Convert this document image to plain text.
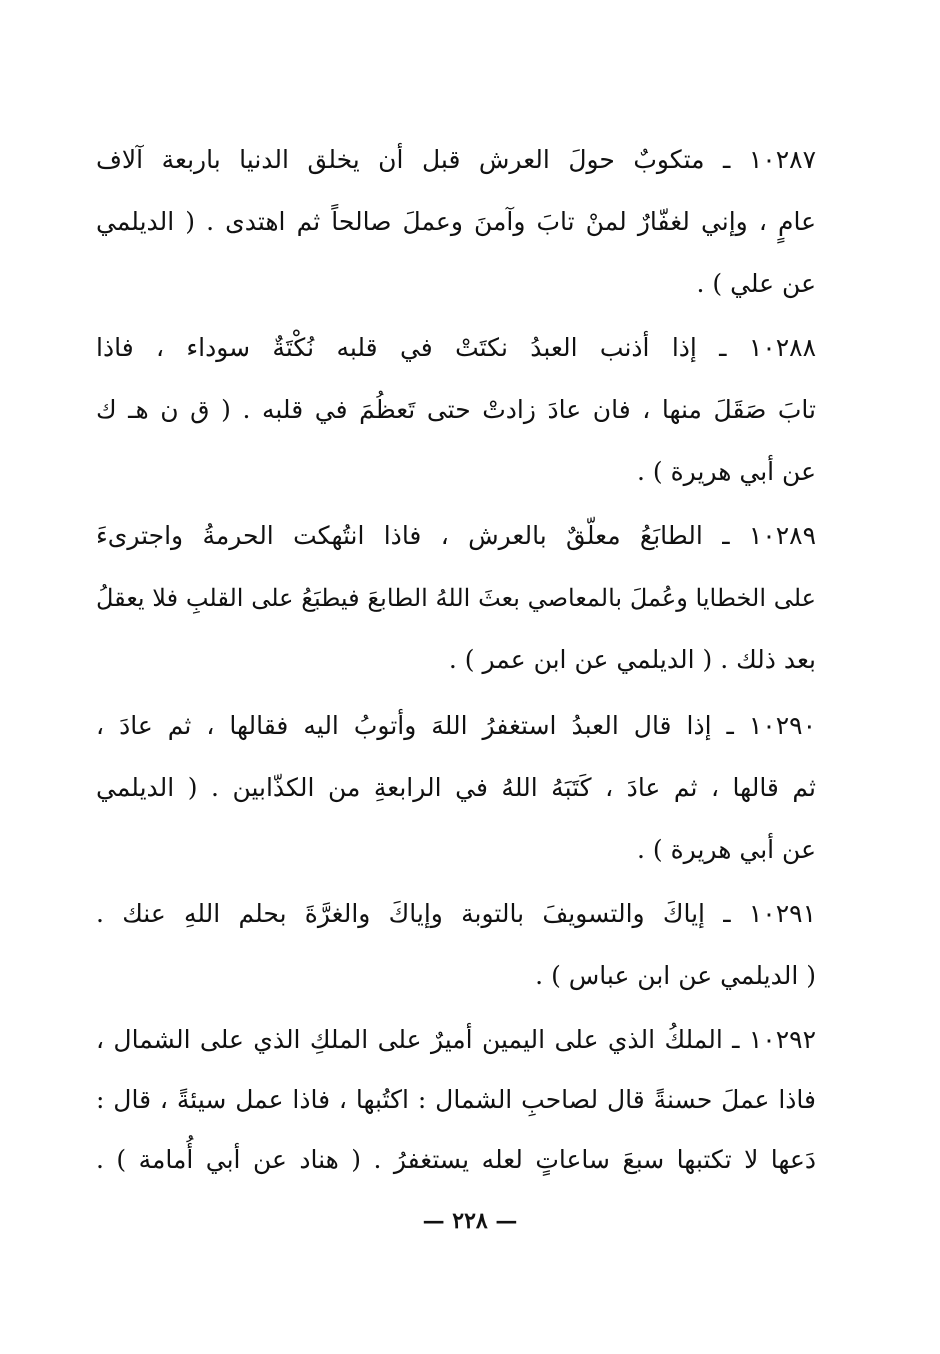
١٠٢٨٧ ـ متكوبٌ حولَ العرش قبل أن يخلق الدنيا باربعة آلاف
عامٍ ، وإني لغفّارٌ لمنْ تابَ وآمنَ وعملَ صالحاً ثم اهتدى . ( الديلمي
عن علي ) .
١٠٢٨٨ ـ إذا أذنب العبدُ نكتَتْ في قلبه نُكْتَةٌ سوداء ، فاذا
تابَ صَقَلَ منها ، فان عادَ زادتْ حتى تَعظُمَ في قلبه . ( ق ن هـ ك
عن أبي هريرة ) .
١٠٢٨٩ ـ الطابَعُ معلّقٌ بالعرش ، فاذا انتُهكت الحرمةُ واجترىءَ
على الخطايا وعُملَ بالمعاصي بعثَ اللهُ الطابعَ فيطبَعُ على القلبِ فلا يعقلُ
بعد ذلك . ( الديلمي عن ابن عمر ) .
١٠٢٩٠ ـ إذا قال العبدُ استغفرُ اللهَ وأتوبُ اليه فقالها ، ثم عادَ ،
ثم قالها ، ثم عادَ ، كَتَبَهُ اللهُ في الرابعةِ من الكذّابين . ( الديلمي
عن أبي هريرة ) .
١٠٢٩١ ـ إياكَ والتسويفَ بالتوبة وإياكَ والغرَّةَ بحلم اللهِ عنك .
( الديلمي عن ابن عباس ) .
١٠٢٩٢ ـ الملكُ الذي على اليمين أميرٌ على الملكِ الذي على الشمال ،
فاذا عملَ حسنةً قال لصاحبِ الشمال : اكتُبها ، فاذا عمل سيئةً ، قال :
دَعها لا تكتبها سبعَ ساعاتٍ لعله يستغفرُ . ( هناد عن أبي أُمامة ) .
— ٢٢٨ —
